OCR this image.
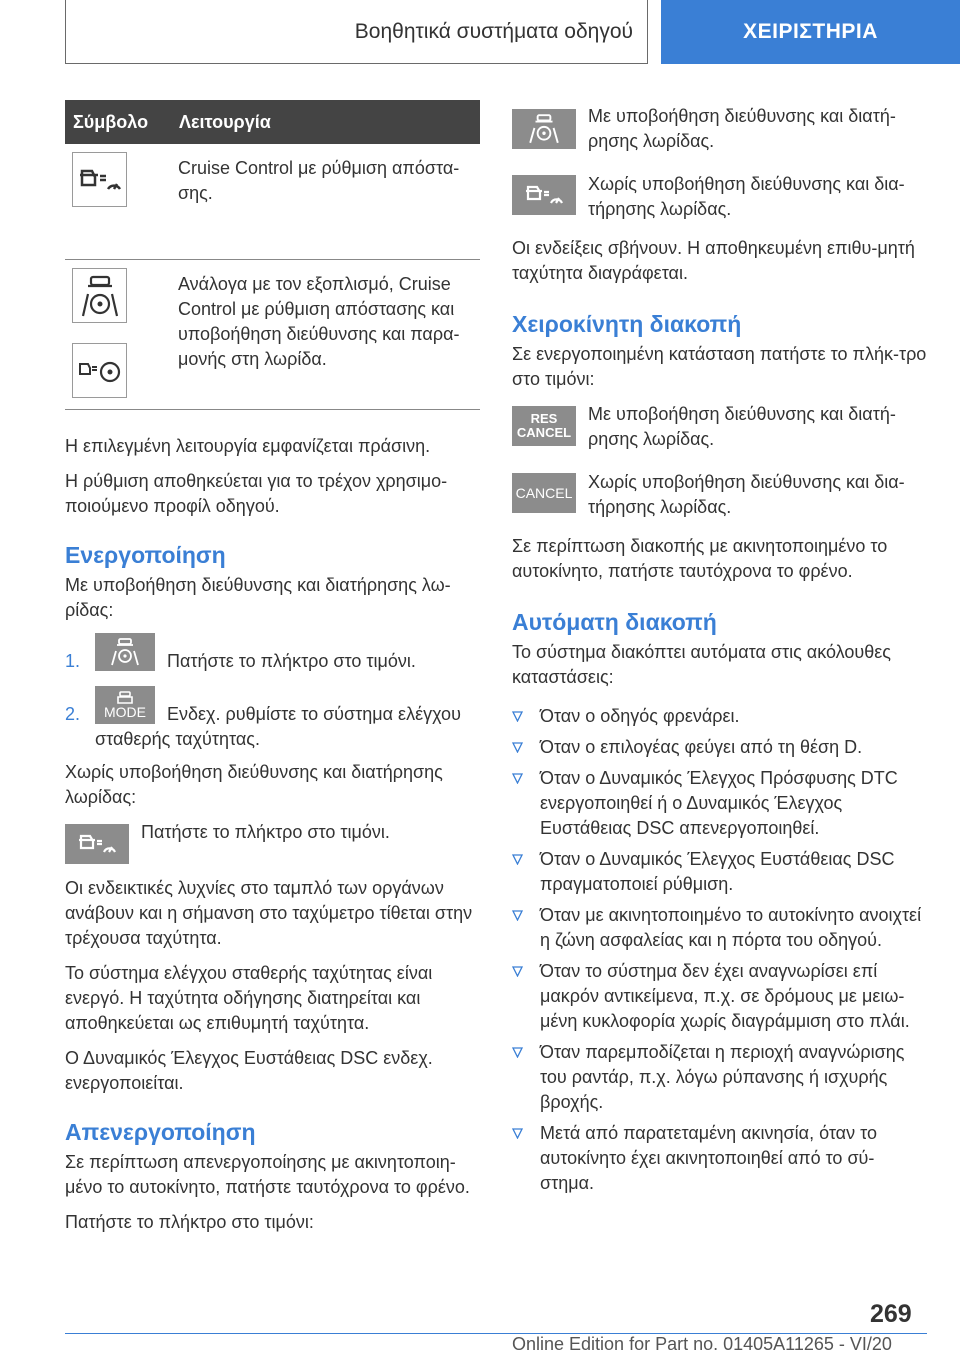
Βοηθητικά συστήματα οδηγού	ΧΕΙΡΙΣΤΗΡΙΑ
Σύμβολο	Λειτουργία

Cruise Control με ρύθμιση απόστα-σης.

Ανάλογα με τον εξοπλισμό, Cruise Control με ρύθμιση απόστασης και υποβοήθηση διεύθυνσης και παρα-μονής στη λωρίδα.

Η επιλεγμένη λειτουργία εμφανίζεται πράσινη.

Η ρύθμιση αποθηκεύεται για το τρέχον χρησιμο-ποιούμενο προφίλ οδηγού.

Ενεργοποίηση

Με υποβοήθηση διεύθυνσης και διατήρησης λω-ρίδας:

1.	Πατήστε το πλήκτρο στο τιμόνι.

2.	MODE	Ενδεχ. ρυθμίστε το σύστημα ελέγχου σταθερής ταχύτητας.

Χωρίς υποβοήθηση διεύθυνσης και διατήρησης λωρίδας:

Πατήστε το πλήκτρο στο τιμόνι.

Οι ενδεικτικές λυχνίες στο ταμπλό των οργάνων ανάβουν και η σήμανση στο ταχύμετρο τίθεται στην τρέχουσα ταχύτητα.

Το σύστημα ελέγχου σταθερής ταχύτητας είναι ενεργό. Η ταχύτητα οδήγησης διατηρείται και αποθηκεύεται ως επιθυμητή ταχύτητα.

Ο Δυναμικός Έλεγχος Ευστάθειας DSC ενδεχ. ενεργοποιείται.

Απενεργοποίηση

Σε περίπτωση απενεργοποίησης με ακινητοποιη-μένο το αυτοκίνητο, πατήστε ταυτόχρονα το φρένο.

Πατήστε το πλήκτρο στο τιμόνι:

Με υποβοήθηση διεύθυνσης και διατή-ρησης λωρίδας.

Χωρίς υποβοήθηση διεύθυνσης και δια-τήρησης λωρίδας.

Οι ενδείξεις σβήνουν. Η αποθηκευμένη επιθυ-μητή ταχύτητα διαγράφεται.

Χειροκίνητη διακοπή

Σε ενεργοποιημένη κατάσταση πατήστε το πλήκ-τρο στο τιμόνι:

RES
CANCEL

Με υποβοήθηση διεύθυνσης και διατή-ρησης λωρίδας.

CANCEL

Χωρίς υποβοήθηση διεύθυνσης και δια-τήρησης λωρίδας.

Σε περίπτωση διακοπής με ακινητοποιημένο το αυτοκίνητο, πατήστε ταυτόχρονα το φρένο.

Αυτόματη διακοπή

Το σύστημα διακόπτει αυτόματα στις ακόλουθες καταστάσεις:

Όταν ο οδηγός φρενάρει.

Όταν ο επιλογέας φεύγει από τη θέση D.

Όταν ο Δυναμικός Έλεγχος Πρόσφυσης DTC ενεργοποιηθεί ή ο Δυναμικός Έλεγχος Ευστάθειας DSC απενεργοποιηθεί.

Όταν ο Δυναμικός Έλεγχος Ευστάθειας DSC πραγματοποιεί ρύθμιση.

Όταν με ακινητοποιημένο το αυτοκίνητο ανοιχτεί η ζώνη ασφαλείας και η πόρτα του οδηγού.

Όταν το σύστημα δεν έχει αναγνωρίσει επί μακρόν αντικείμενα, π.χ. σε δρόμους με μειω-μένη κυκλοφορία χωρίς διαγράμμιση στο πλάι.

Όταν παρεμποδίζεται η περιοχή αναγνώρισης του ραντάρ, π.χ. λόγω ρύπανσης ή ισχυρής βροχής.

Μετά από παρατεταμένη ακινησία, όταν το αυτοκίνητο έχει ακινητοποιηθεί από το σύ-στημα.

269
Online Edition for Part no. 01405A11265 - VI/20
